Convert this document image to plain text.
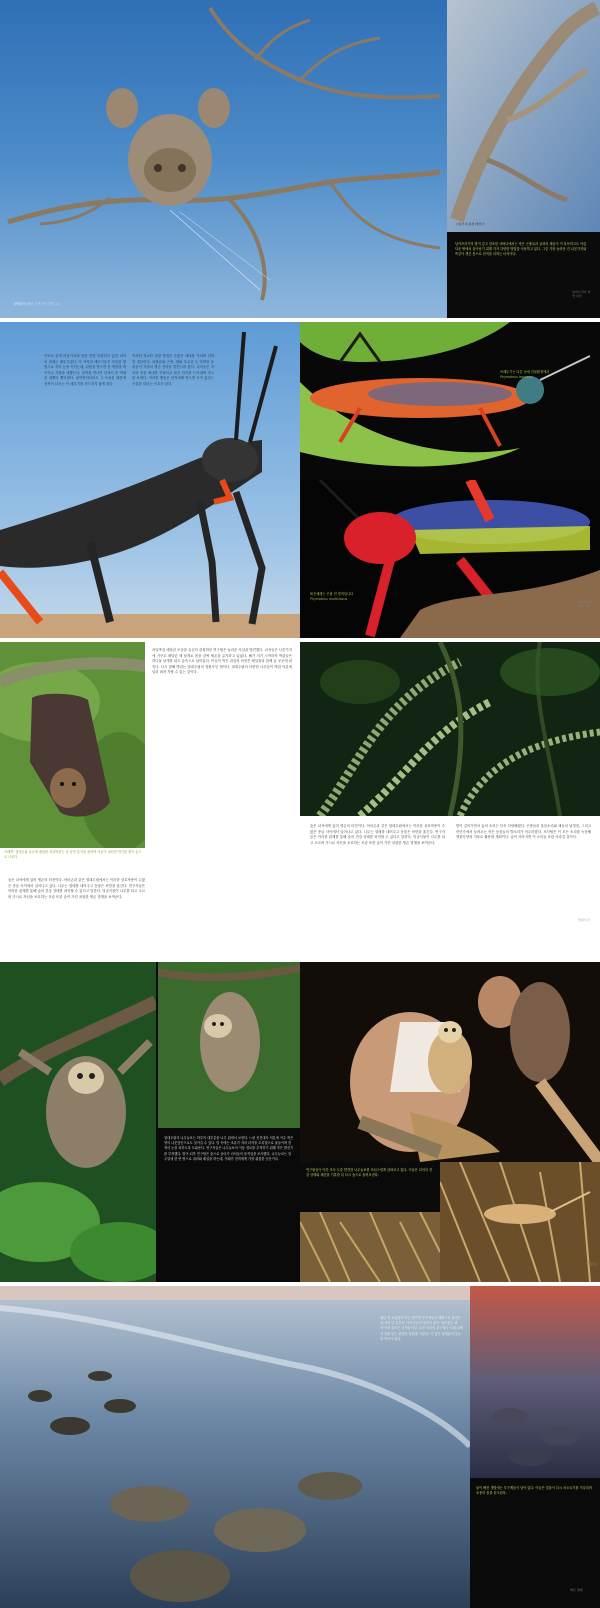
판텔리아 마스 호랑거미 발레그로
나뭇가지 위장 해선사
남아프리카의 밤이 깊고 건조한 사바나에서는 작은 곤충들과 곰과의 새들이 이 혹독하고도 아름다운 땅에서 살아남기 위해 각자 다양한 방법을 사용하고 있다. 그중 가장 놀라운 건 나뭇가지와 똑같이 생긴 몸으로 천적을 피하는 녀석이다.
남아프리카 자연 사진
꾸르르 울며 비둘기처럼 몸을 한껏 부풀리고 있던 녀석의 정체는 메뚜기였다. 이 지역의 메뚜기들은 독특한 방법으로 적의 눈을 속이는데, 위협을 받으면 몸 색깔을 바꾸거나 거품을 내뿜는다. 천적을 만나면 입에서 쓴 액체를 내뿜어 쫓아낸다. 잡아먹히더라도 그 독성분 때문에 천적이 다시는 이 메뚜기를 건드리지 않게 된다.
이처럼 정교한 위장 방법은 수많은 세대를 거치며 진화한 결과이다. 파충류와 곤충, 새와 포유류 등 다양한 동물들이 각자의 생존 전략을 발전시켜 왔다. 녀석들은 자신의 몸을 최대한 부풀리고 붉은 다리를 드러내며 경고를 보낸다. 이러한 행동은 천적에게 먹으면 독이 있다는 사실을 알리는 신호가 된다.
독메뚜기는 다른 곳에 건물환경에서
Phymateus leprosus
붉은세레는 곤충 전 경적입니다
Phymateus morbillosus
남아프리카 자연 사진
아래쪽: 열대우림 나무에 매달린 과일박쥐는 낮 동안 휴식을 취하며 어둠이 내리면 먹이를 찾아 숲으로 나선다.
과일박쥐 매달린 모습을 유심히 관찰하던 연구팀은 놀라운 사실을 발견했다. 녀석들은 나뭇가지에 거꾸로 매달린 채 날개로 몸을 감싸 체온을 유지하고 있었다. 해가 지기 시작하자 박쥐들은 하나둘 날개를 펴고 숲속으로 날아갔다. 이들이 먹은 과일의 씨앗은 배설물과 함께 숲 곳곳에 퍼진다. 다시 말해 박쥐는 열대우림의 정원사인 셈이다. 열대우림의 다양한 나무들이 박쥐 덕분에 널리 퍼져 자랄 수 있는 것이다.
숲은 녀석에게 있어 생존의 터전이다. 아마존과 같은 열대우림에서는 이러한 상호작용이 수많은 종들 사이에서 일어나고 있다. 나무는 열매를 내어주고 동물은 씨앗을 옮긴다. 연구자들은 이러한 관계를 통해 숲의 건강 상태를 파악할 수 있다고 말한다. 덩굴식물이 나무를 타고 오르며 가시로 자신을 보호하는 모습 또한 숲이 가진 치열한 생존 경쟁을 보여준다.
숲은 녀석에게 있어 생존의 터전이다. 아마존과 같은 열대우림에서는 이러한 상호작용이 수많은 종들 사이에서 일어나고 있다. 나무는 열매를 내어주고 동물은 씨앗을 옮긴다. 연구자들은 이러한 관계를 통해 숲의 건강 상태를 파악할 수 있다고 말한다. 덩굴식물이 나무를 타고 오르며 가시로 자신을 보호하는 모습 또한 숲이 가진 치열한 생존 경쟁을 보여준다.
밤이 깊어가면서 숲의 소리는 더욱 다양해졌다. 곤충들의 울음소리와 새들의 날갯짓, 그리고 어딘가에서 들려오는 작은 동물들의 발소리가 어우러졌다. 조사팀은 이 모든 소리를 녹음해 생물다양성 지표로 활용할 계획이다. 숲이 사라지면 이 소리들 또한 사라질 것이다.
열대우림
열대우림의 나무늘보는 하루의 대부분을 나무 위에서 보낸다. 느린 신진대사 덕분에 아주 적은 양의 나뭇잎만으로도 살아갈 수 있다. 털 속에는 조류가 자라 녀석을 초록빛으로 물들이며 천적의 눈을 피하도록 도와준다. 연구자들은 나무늘보의 이동 경로를 추적하기 위해 작은 발신기를 부착했다. 밤이 되자 연구팀은 숲으로 들어가 녀석들의 움직임을 조사했다. 나무늘보는 일주일에 한 번 땅으로 내려와 배설을 하는데, 이때가 천적에게 가장 위험한 순간이다.
연구원들이 야간 조사 도중 발견한 나무늘보를 조심스럽게 살펴보고 있다. 이들은 녀석의 건강 상태와 체중을 기록한 뒤 다시 숲으로 돌려보낸다.
열대우림
매년 봄 보름달이 뜨는 밤이면 투구게들이 해안으로 몰려든다. 4억 년 전부터 거의 모습이 변하지 않아 '살아있는 화석'이라 불리는 녀석들이다. 수천 마리의 투구게가 모래 위에서 알을 낳는 광경은 장관을 이룬다. 이 알은 철새들의 중요한 먹이가 된다.
물이 빠진 갯벌에는 투구게들이 남아 있다. 이들은 밀물이 다시 차오르기를 기다리며 조용히 몸을 웅크린다.
해안 생태
